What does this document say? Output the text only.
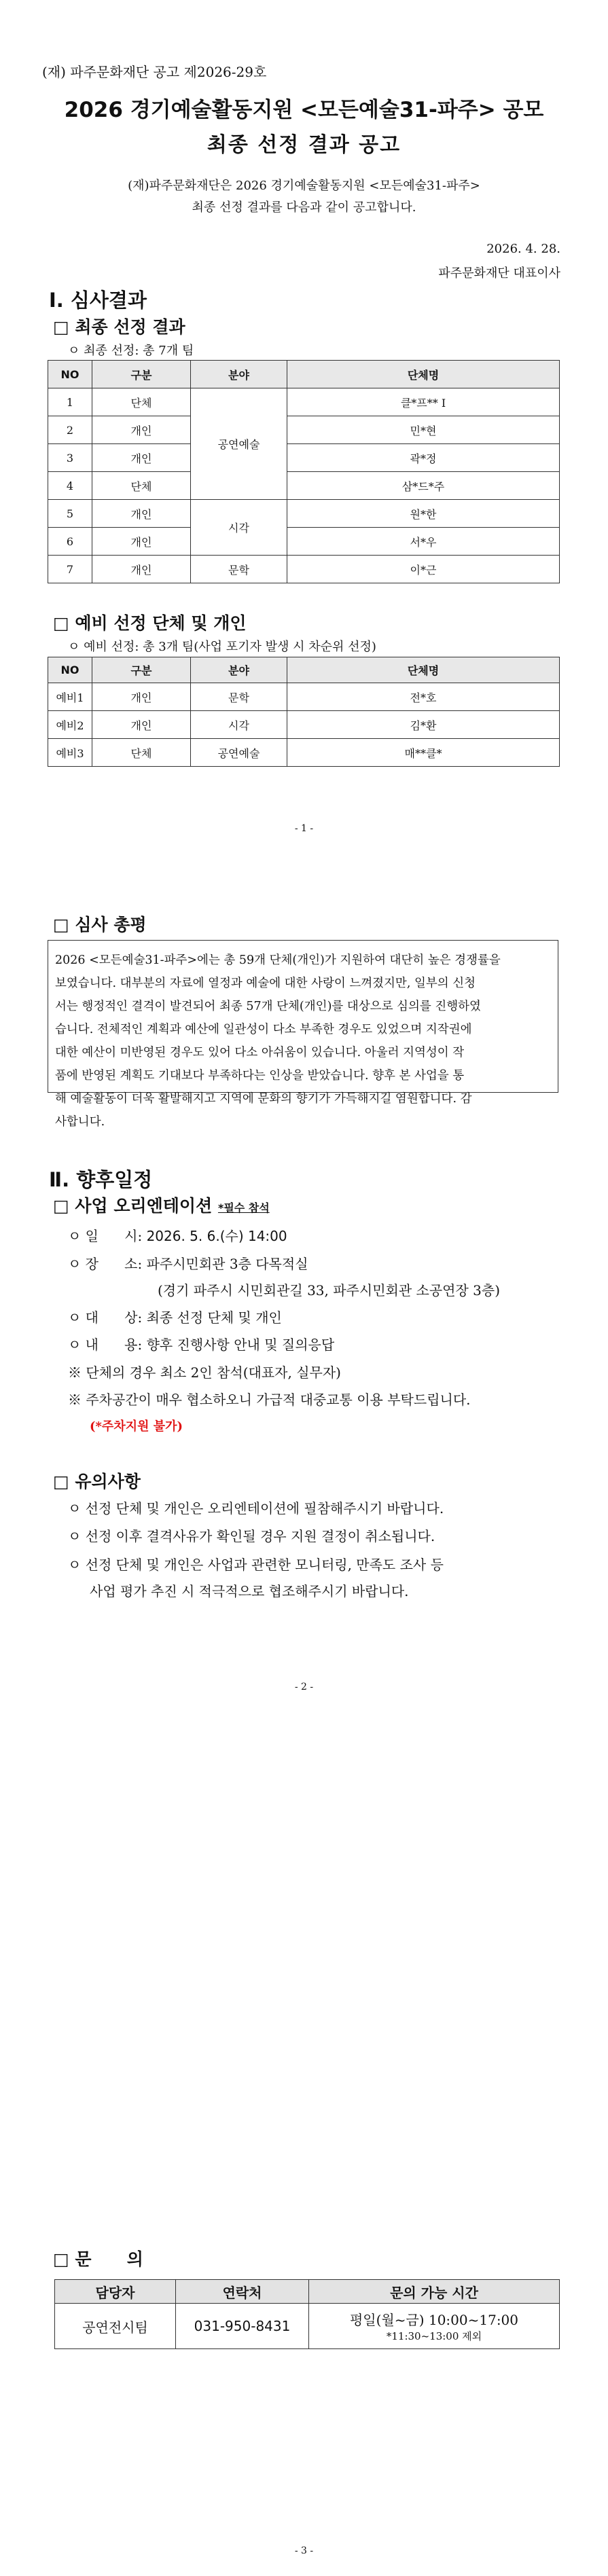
(재) 파주문화재단 공고 제2026-29호
2026 경기예술활동지원 <모든예술31-파주> 공모
최종 선정 결과 공고
(재)파주문화재단은 2026 경기예술활동지원 <모든예술31-파주>
최종 선정 결과를 다음과 같이 공고합니다.
2026. 4. 28.
파주문화재단 대표이사
Ⅰ. 심사결과
□ 최종 선정 결과
ㅇ 최종 선정: 총 7개 팀
NO	구분	분야	단체명
1	단체	공연예술	클*프** I
2	개인		민*현
3	개인		곽*정
4	단체		삼*드*주
5	개인	시각	원*한
6	개인		서*우
7	개인	문학	이*근
□ 예비 선정 단체 및 개인
ㅇ 예비 선정: 총 3개 팀(사업 포기자 발생 시 차순위 선정)
NO	구분	분야	단체명
예비1	개인	문학	전*호
예비2	개인	시각	김*환
예비3	단체	공연예술	매**클*
- 1 -
□ 심사 총평
2026 <모든예술31-파주>에는 총 59개 단체(개인)가 지원하여 대단히 높은 경쟁률을
보였습니다. 대부분의 자료에 열정과 예술에 대한 사랑이 느껴졌지만, 일부의 신청
서는 행정적인 결격이 발견되어 최종 57개 단체(개인)를 대상으로 심의를 진행하였
습니다. 전체적인 계획과 예산에 일관성이 다소 부족한 경우도 있었으며 지작권에
대한 예산이 미반영된 경우도 있어 다소 아쉬움이 있습니다. 아울러 지역성이 작
품에 반영된 계획도 기대보다 부족하다는 인상을 받았습니다. 향후 본 사업을 통
해 예술활동이 더욱 활발해지고 지역에 문화의 향기가 가득해지길 염원합니다. 감
사합니다.
Ⅱ. 향후일정
□ 사업 오리엔테이션 *필수 참석
ㅇ 일      시: 2026. 5. 6.(수) 14:00
ㅇ 장      소: 파주시민회관 3층 다목적실
(경기 파주시 시민회관길 33, 파주시민회관 소공연장 3층)
ㅇ 대      상: 최종 선정 단체 및 개인
ㅇ 내      용: 향후 진행사항 안내 및 질의응답
※ 단체의 경우 최소 2인 참석(대표자, 실무자)
※ 주차공간이 매우 협소하오니 가급적 대중교통 이용 부탁드립니다.
(*주차지원 불가)
□ 유의사항
ㅇ 선정 단체 및 개인은 오리엔테이션에 필참해주시기 바랍니다.
ㅇ 선정 이후 결격사유가 확인될 경우 지원 결정이 취소됩니다.
ㅇ 선정 단체 및 개인은 사업과 관련한 모니터링, 만족도 조사 등
사업 평가 추진 시 적극적으로 협조해주시기 바랍니다.
- 2 -
□ 문      의
담당자	연락처	문의 가능 시간
공연전시팀	031-950-8431	평일(월~금) 10:00~17:00
*11:30~13:00 제외
- 3 -
